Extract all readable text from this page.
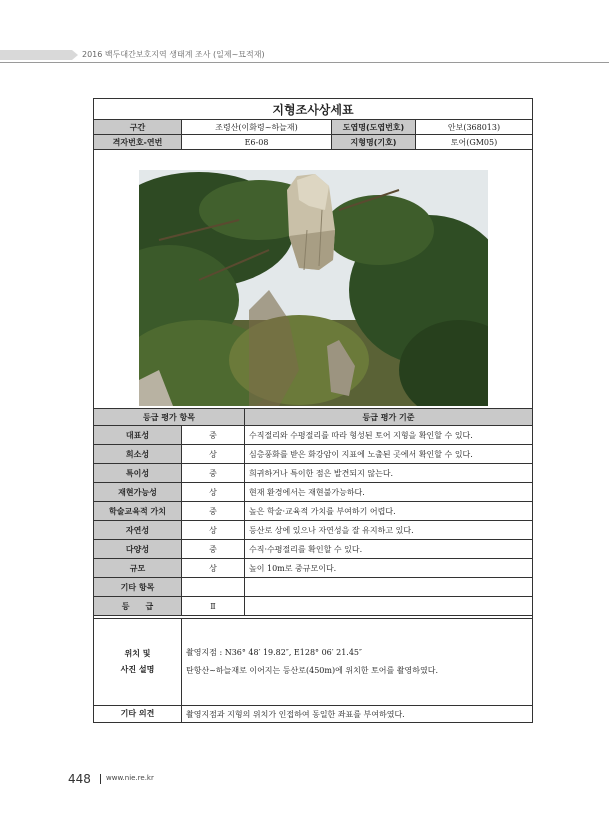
2016 백두대간보호지역 생태계 조사 (일제~묘적재)
지형조사상세표				
구간	조령산(이화령~하늘재)		도엽명(도엽번호)	안보(368013)
격자번호-연번	E6-08		지형명(기호)	토어(GM05)

등급 평가 항목		등급 평가 기준		
대표성	중	수직절리와 수평절리를 따라 형성된 토어 지형을 확인할 수 있다.		
희소성	상	심층풍화를 받은 화강암이 지표에 노출된 곳에서 확인할 수 있다.		
특이성	중	희귀하거나 특이한 점은 발견되지 않는다.		
재현가능성	상	현재 환경에서는 재현불가능하다.		
학술교육적 가치	중	높은 학술·교육적 가치를 부여하기 어렵다.		
자연성	상	등산로 상에 있으나 자연성을 잘 유지하고 있다.		
다양성	중	수직·수평절리를 확인할 수 있다.		
규모	상	높이 10m로 중규모이다.		
기타 항목				
등　　급	Ⅱ			

위치 및
사진 설명	촬영지점 : N36° 48′ 19.82″, E128° 06′ 21.45″
탄항산~하늘재로 이어지는 등산로(450m)에 위치한 토어를 촬영하였다.			
기타 의견	촬영지점과 지형의 위치가 인접하여 동일한 좌표를 부여하였다.			
448 www.nie.re.kr
